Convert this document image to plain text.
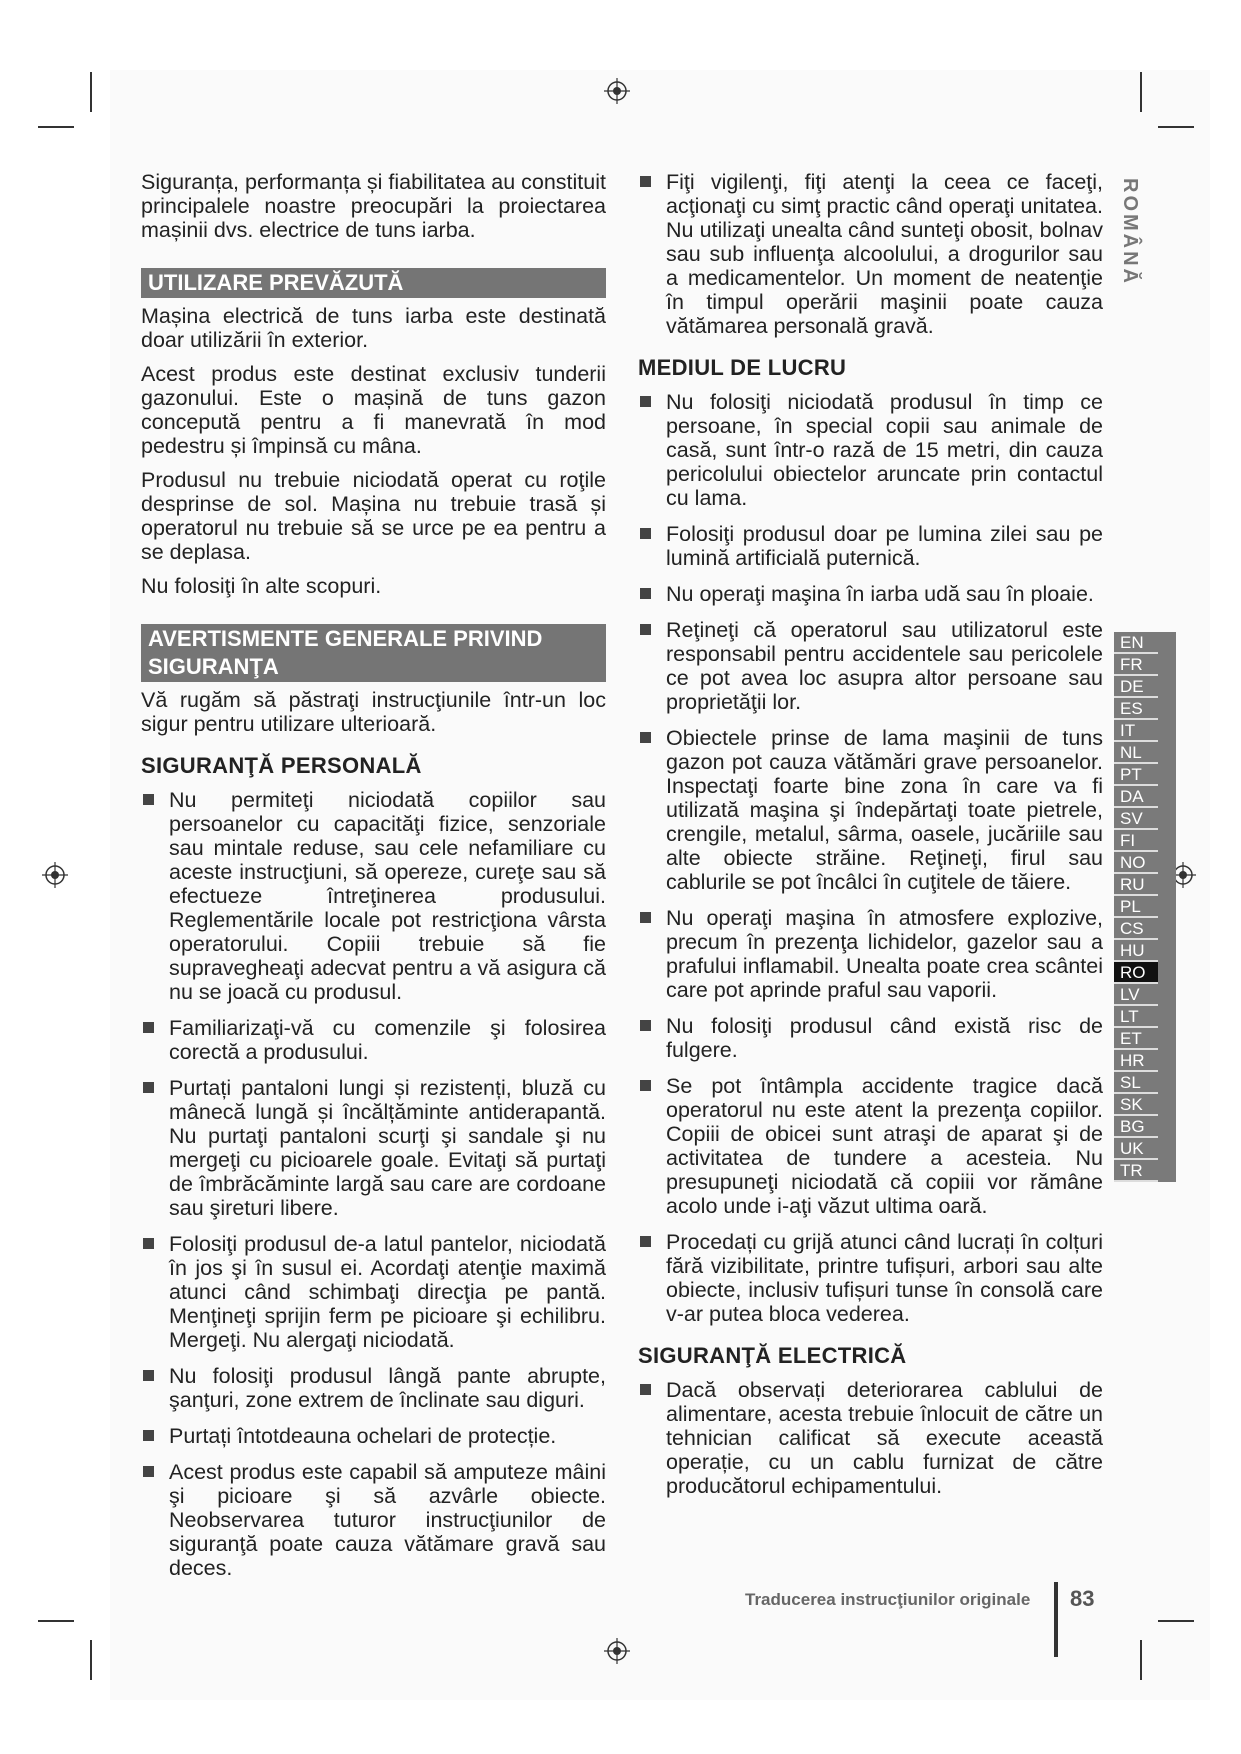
Siguranța, performanța și fiabilitatea au constituit principalele noastre preocupări la proiectarea mașinii dvs. electrice de tuns iarba.

UTILIZARE PREVĂZUTĂ

Mașina electrică de tuns iarba este destinată doar utilizării în exterior.

Acest produs este destinat exclusiv tunderii gazonului. Este o mașină de tuns gazon concepută pentru a fi manevrată în mod pedestru și împinsă cu mâna.

Produsul nu trebuie niciodată operat cu roţile desprinse de sol. Mașina nu trebuie trasă și operatorul nu trebuie să se urce pe ea pentru a se deplasa.

Nu folosiţi în alte scopuri.

AVERTISMENTE GENERALE PRIVIND SIGURANŢA

Vă rugăm să păstraţi instrucţiunile într-un loc sigur pentru utilizare ulterioară.

SIGURANŢĂ PERSONALĂ
Nu permiteţi niciodată copiilor sau persoanelor cu capacităţi fizice, senzoriale sau mintale reduse, sau cele nefamiliare cu aceste instrucţiuni, să opereze, cureţe sau să efectueze întreţinerea produsului. Reglementările locale pot restricţiona vârsta operatorului. Copiii trebuie să fie supravegheaţi adecvat pentru a vă asigura că nu se joacă cu produsul.
Familiarizaţi-vă cu comenzile şi folosirea corectă a produsului.
Purtați pantaloni lungi și rezistenți, bluză cu mânecă lungă și încălțăminte antiderapantă. Nu purtaţi pantaloni scurţi şi sandale şi nu mergeţi cu picioarele goale. Evitaţi să purtaţi de îmbrăcăminte largă sau care are cordoane sau şireturi libere.
Folosiţi produsul de-a latul pantelor, niciodată în jos şi în susul ei. Acordaţi atenţie maximă atunci când schimbaţi direcţia pe pantă. Menţineţi sprijin ferm pe picioare şi echilibru. Mergeţi. Nu alergaţi niciodată.
Nu folosiţi produsul lângă pante abrupte, şanţuri, zone extrem de înclinate sau diguri.
Purtați întotdeauna ochelari de protecție.
Acest produs este capabil să amputeze mâini şi picioare şi să azvârle obiecte. Neobservarea tuturor instrucţiunilor de siguranţă poate cauza vătămare gravă sau deces.
Fiţi vigilenţi, fiţi atenţi la ceea ce faceţi, acţionaţi cu simţ practic când operaţi unitatea. Nu utilizaţi unealta când sunteţi obosit, bolnav sau sub influenţa alcoolului, a drogurilor sau a medicamentelor. Un moment de neatenţie în timpul operării maşinii poate cauza vătămarea personală gravă.
MEDIUL DE LUCRU
Nu folosiţi niciodată produsul în timp ce persoane, în special copii sau animale de casă, sunt într-o rază de 15 metri, din cauza pericolului obiectelor aruncate prin contactul cu lama.
Folosiţi produsul doar pe lumina zilei sau pe lumină artificială puternică.
Nu operaţi maşina în iarba udă sau în ploaie.
Reţineţi că operatorul sau utilizatorul este responsabil pentru accidentele sau pericolele ce pot avea loc asupra altor persoane sau proprietăţii lor.
Obiectele prinse de lama maşinii de tuns gazon pot cauza vătămări grave persoanelor. Inspectaţi foarte bine zona în care va fi utilizată maşina şi îndepărtaţi toate pietrele, crengile, metalul, sârma, oasele, jucăriile sau alte obiecte străine. Reţineţi, firul sau cablurile se pot încâlci în cuţitele de tăiere.
Nu operaţi maşina în atmosfere explozive, precum în prezenţa lichidelor, gazelor sau a prafului inflamabil. Unealta poate crea scântei care pot aprinde praful sau vaporii.
Nu folosiţi produsul când există risc de fulgere.
Se pot întâmpla accidente tragice dacă operatorul nu este atent la prezenţa copiilor. Copiii de obicei sunt atraşi de aparat şi de activitatea de tundere a acesteia. Nu presupuneţi niciodată că copiii vor rămâne acolo unde i-aţi văzut ultima oară.
Procedați cu grijă atunci când lucrați în colțuri fără vizibilitate, printre tufișuri, arbori sau alte obiecte, inclusiv tufișuri tunse în consolă care v-ar putea bloca vederea.
SIGURANŢĂ ELECTRICĂ
Dacă observați deteriorarea cablului de alimentare, acesta trebuie înlocuit de către un tehnician calificat să execute această operație, cu un cablu furnizat de către producătorul echipamentului.
ROMÂNĂ
EN
FR
DE
ES
IT
NL
PT
DA
SV
FI
NO
RU
PL
CS
HU
RO
LV
LT
ET
HR
SL
SK
BG
UK
TR
Traducerea instrucţiunilor originale 83
